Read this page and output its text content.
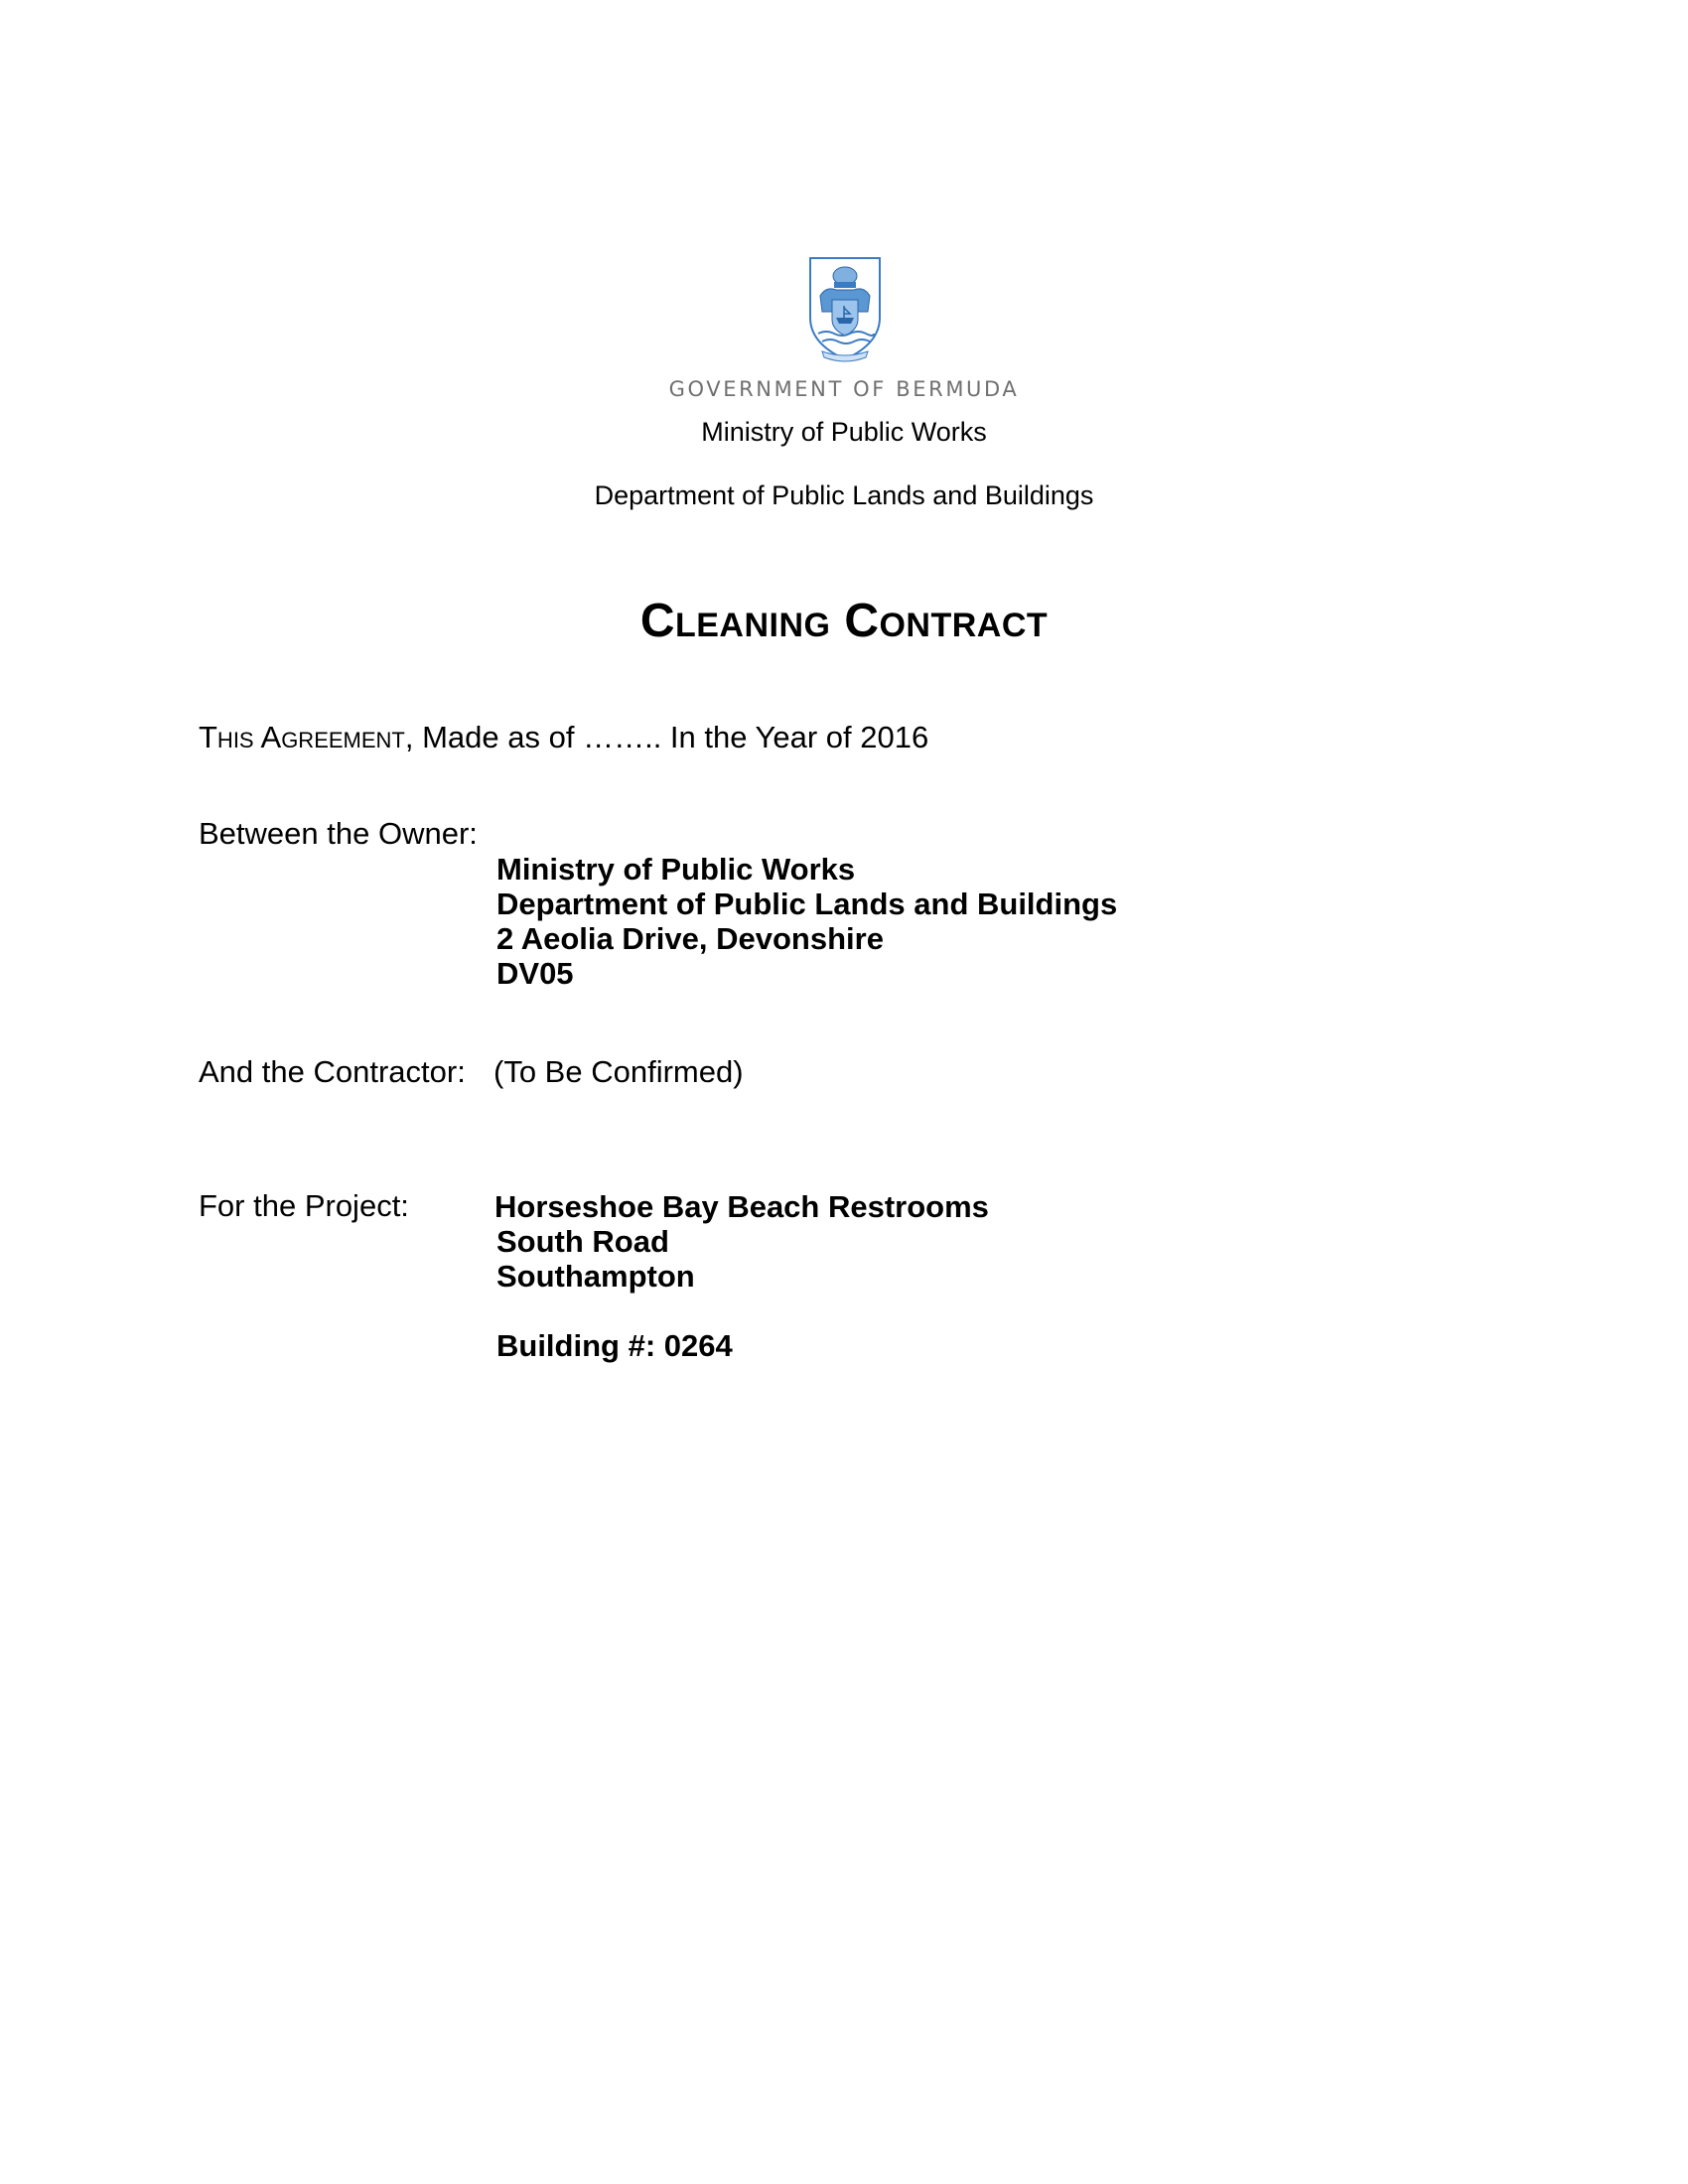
GOVERNMENT OF BERMUDA
Ministry of Public Works
Department of Public Lands and Buildings
Cleaning Contract
This Agreement, Made as of …….. In the Year of 2016
Between the Owner:
Ministry of Public Works
Department of Public Lands and Buildings
2 Aeolia Drive, Devonshire
DV05
And the Contractor: (To Be Confirmed)
For the Project:	Horseshoe Bay Beach Restrooms
South Road
Southampton
Building #: 0264
